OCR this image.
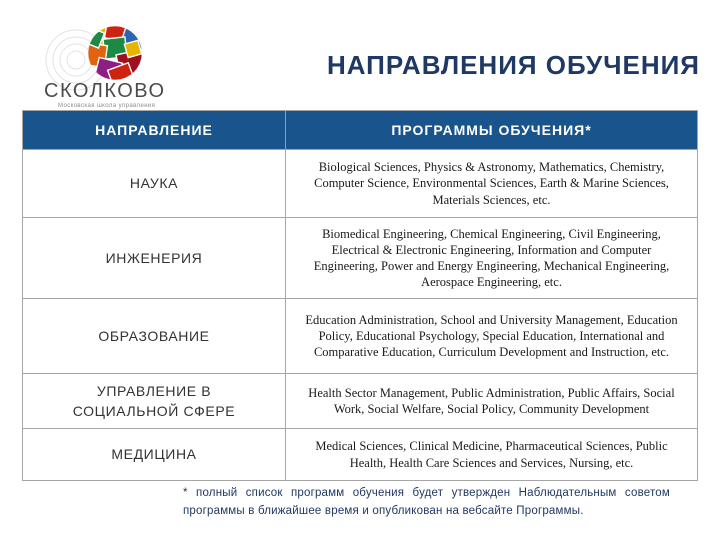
СКОЛКОВО
Московская школа управления
НАПРАВЛЕНИЯ ОБУЧЕНИЯ
НАПРАВЛЕНИЕ	ПРОГРАММЫ ОБУЧЕНИЯ*
НАУКА
Biological Sciences, Physics & Astronomy, Mathematics, Chemistry, Computer Science, Environmental Sciences, Earth & Marine Sciences, Materials Sciences, etc.
ИНЖЕНЕРИЯ
Biomedical Engineering, Chemical Engineering, Civil Engineering, Electrical & Electronic Engineering, Information and Computer Engineering, Power and Energy Engineering, Mechanical Engineering, Aerospace Engineering, etc.
ОБРАЗОВАНИЕ
Education Administration, School and University Management, Education Policy, Educational Psychology, Special Education, International and Comparative Education, Curriculum Development and Instruction, etc.
УПРАВЛЕНИЕ В СОЦИАЛЬНОЙ СФЕРЕ
Health Sector Management, Public Administration, Public Affairs, Social Work, Social Welfare, Social Policy, Community Development
МЕДИЦИНА
Medical Sciences, Clinical Medicine, Pharmaceutical Sciences, Public Health, Health Care Sciences and Services, Nursing, etc.
* полный список программ обучения будет утвержден Наблюдательным советом программы в ближайшее время и опубликован на вебсайте Программы.
